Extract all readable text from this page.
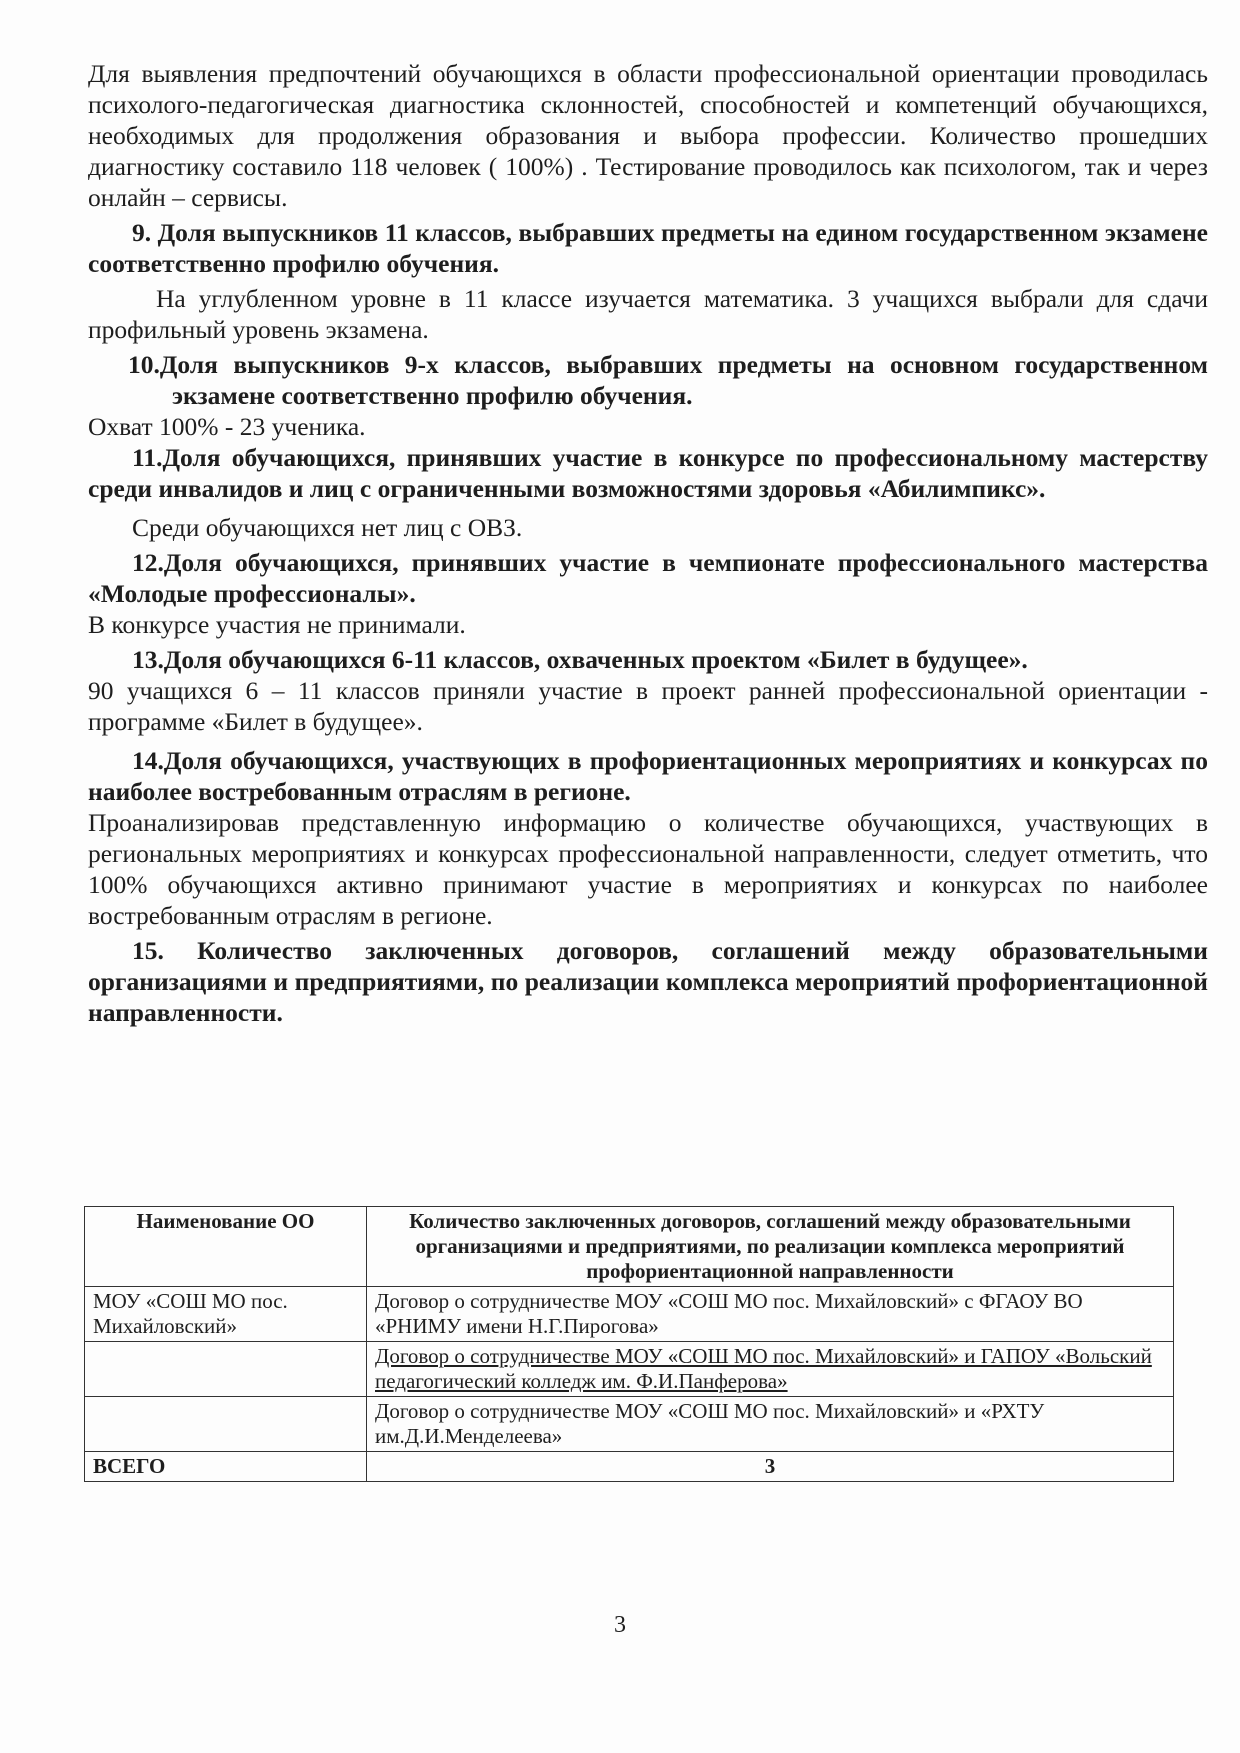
Для выявления предпочтений обучающихся в области профессиональной ориентации проводилась психолого-педагогическая диагностика склонностей, способностей и компетенций обучающихся, необходимых для продолжения образования и выбора профессии. Количество прошедших диагностику составило 118 человек ( 100%) . Тестирование проводилось как психологом, так и через онлайн – сервисы.

9. Доля выпускников 11 классов, выбравших предметы на едином государственном экзамене соответственно профилю обучения.

На углубленном уровне в 11 классе изучается математика. 3 учащихся выбрали для сдачи профильный уровень экзамена.

10.Доля выпускников 9-х классов, выбравших предметы на основном государственном экзамене соответственно профилю обучения.

Охват 100% - 23 ученика.

11.Доля обучающихся, принявших участие в конкурсе по профессиональному мастерству среди инвалидов и лиц с ограниченными возможностями здоровья «Абилимпикс».

Среди обучающихся нет лиц с ОВЗ.

12.Доля обучающихся, принявших участие в чемпионате профессионального мастерства «Молодые профессионалы».

В конкурсе участия не принимали.

13.Доля обучающихся 6-11 классов, охваченных проектом «Билет в будущее».

90 учащихся 6 – 11 классов приняли участие в проект ранней профессиональной ориентации - программе «Билет в будущее».

14.Доля обучающихся, участвующих в профориентационных мероприятиях и конкурсах по наиболее востребованным отраслям в регионе.

Проанализировав представленную информацию о количестве обучающихся, участвующих в региональных мероприятиях и конкурсах профессиональной направленности, следует отметить, что 100% обучающихся активно принимают участие в мероприятиях и конкурсах по наиболее востребованным отраслям в регионе.

15. Количество заключенных договоров, соглашений между образовательными организациями и предприятиями, по реализации комплекса мероприятий профориентационной направленности.

Наименование ОО	Количество заключенных договоров, соглашений между образовательными организациями и предприятиями, по реализации комплекса мероприятий профориентационной направленности
МОУ «СОШ МО пос. Михайловский»	Договор о сотрудничестве МОУ «СОШ МО пос. Михайловский» с ФГАОУ ВО «РНИМУ имени Н.Г.Пирогова»
	Договор о сотрудничестве МОУ «СОШ МО пос. Михайловский» и ГАПОУ «Вольский педагогический колледж им. Ф.И.Панферова»
	Договор о сотрудничестве МОУ «СОШ МО пос. Михайловский» и «РХТУ им.Д.И.Менделеева»
ВСЕГО	3
3
